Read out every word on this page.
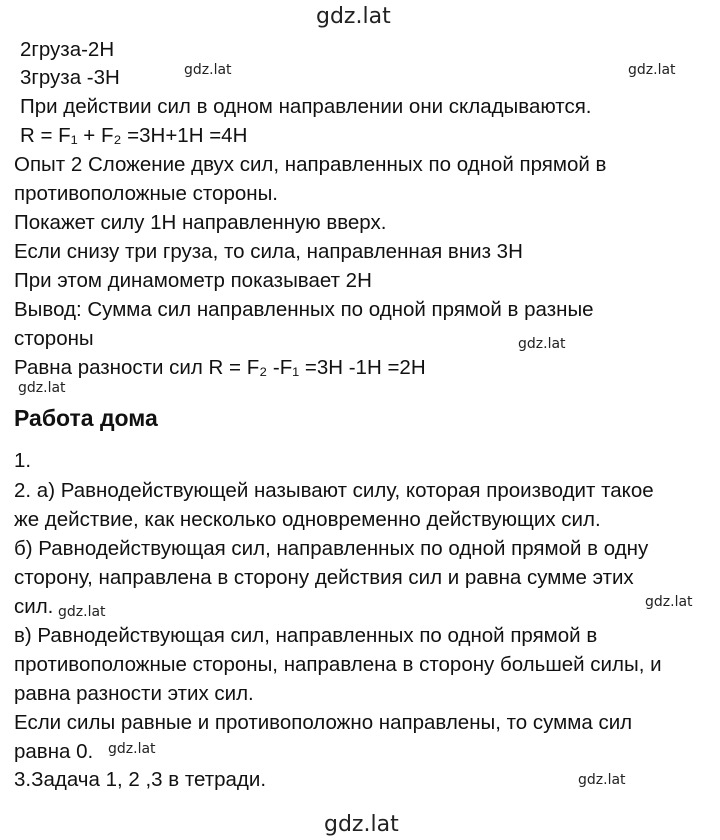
gdz.lat
2груза-2Н
3груза -3Н	gdz.lat	gdz.lat
При действии сил в одном направлении они складываются.
R = F₁ + F₂ =3Н+1Н =4Н
Опыт 2 Сложение двух сил, направленных по одной прямой в
противоположные стороны.
Покажет силу 1Н направленную вверх.
Если снизу три груза, то сила, направленная вниз 3Н
При этом динамометр показывает 2Н
Вывод: Сумма сил направленных по одной прямой в разные
стороны	gdz.lat
Равна разности сил R = F₂ -F₁ =3Н -1Н =2Н
gdz.lat
Работа дома
1.
2. а) Равнодействующей называют силу, которая производит такое
же действие, как несколько одновременно действующих сил.
б) Равнодействующая сил, направленных по одной прямой в одну
сторону, направлена в сторону действия сил и равна сумме этих
сил. gdz.lat
gdz.lat
в) Равнодействующая сил, направленных по одной прямой в
противоположные стороны, направлена в сторону большей силы, и
равна разности этих сил.
Если силы равные и противоположно направлены, то сумма сил
равна 0. gdz.lat
3.Задача 1, 2 ,3 в тетради.	gdz.lat
gdz.lat
